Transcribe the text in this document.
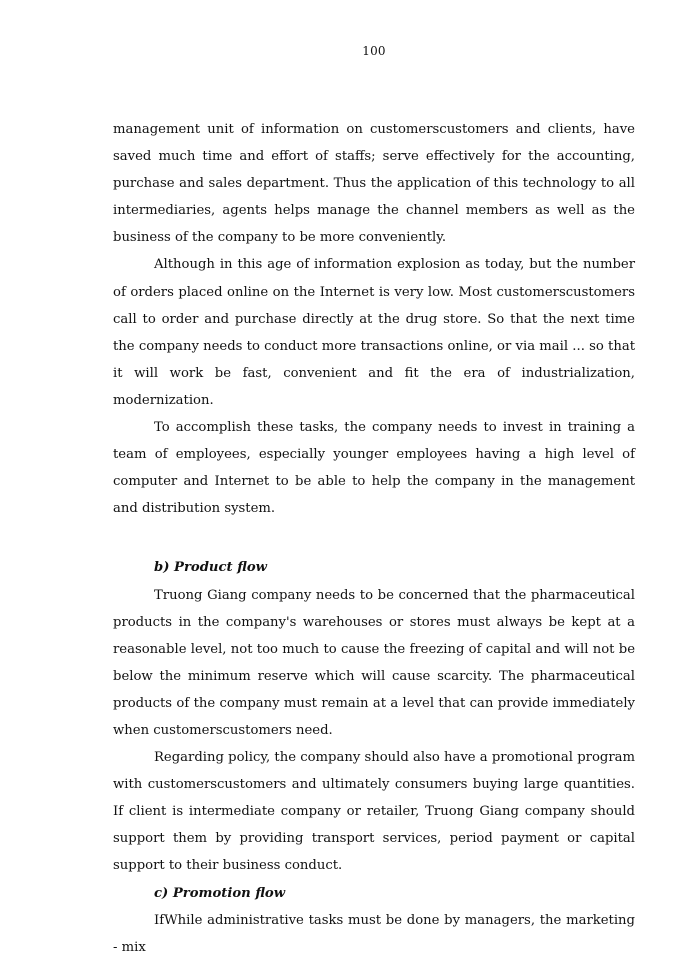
100

management unit of information on customerscustomers and clients, have saved much time and effort of staffs; serve effectively for the accounting, purchase and sales department. Thus the application of this technology to all intermediaries, agents helps manage the channel members as well as the business of the company to be more conveniently.

Although in this age of information explosion as today, but the number of orders placed online on the Internet is very low. Most customerscustomers call to order and purchase directly at the drug store. So that the next time the company needs to conduct more transactions online, or via mail ... so that it will work be fast, convenient and fit the era of industrialization, modernization.

To accomplish these tasks, the company needs to invest in training a team of employees, especially younger employees having a high level of computer and Internet to be able to help the company in the management and distribution system.

b) Product flow

Truong Giang company needs to be concerned that the pharmaceutical products in the company's warehouses or stores must always be kept at a reasonable level, not too much to cause the freezing of capital and will not be below the minimum reserve which will cause scarcity. The pharmaceutical products of the company must remain at a level that can provide immediately when customerscustomers need.

Regarding policy, the company should also have a promotional program with customerscustomers and ultimately consumers buying large quantities. If client is intermediate company or retailer, Truong Giang company should support them by providing transport services, period payment or capital support to their business conduct.

c) Promotion flow

IfWhile administrative tasks must be done by managers, the marketing - mix
